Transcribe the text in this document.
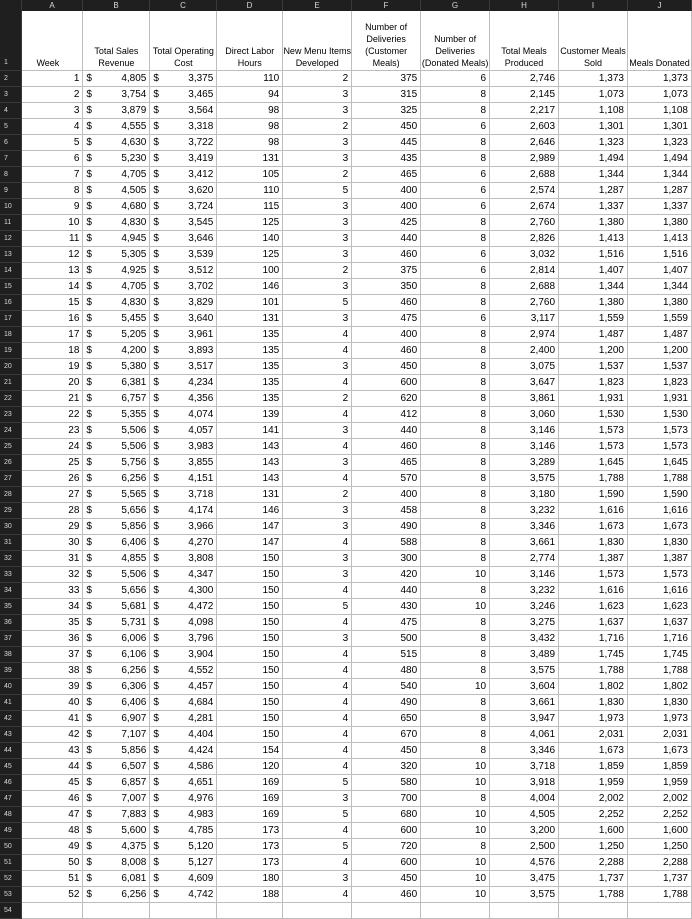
A	B	C	D	E	F	G	H	I	J
1	Week	Total Sales Revenue	Total Operating Cost	Direct Labor Hours	New Menu Items Developed	Number of Deliveries (Customer Meals)	Number of Deliveries (Donated Meals)	Total Meals Produced	Customer Meals Sold	Meals Donated
2	1	$ 4,805	$ 3,375	110	2	375	6	2,746	1,373	1,373
3	2	$ 3,754	$ 3,465	94	3	315	8	2,145	1,073	1,073
4	3	$ 3,879	$ 3,564	98	3	325	8	2,217	1,108	1,108
5	4	$ 4,555	$ 3,318	98	2	450	6	2,603	1,301	1,301
6	5	$ 4,630	$ 3,722	98	3	445	8	2,646	1,323	1,323
7	6	$ 5,230	$ 3,419	131	3	435	8	2,989	1,494	1,494
8	7	$ 4,705	$ 3,412	105	2	465	6	2,688	1,344	1,344
9	8	$ 4,505	$ 3,620	110	5	400	6	2,574	1,287	1,287
10	9	$ 4,680	$ 3,724	115	3	400	6	2,674	1,337	1,337
11	10	$ 4,830	$ 3,545	125	3	425	8	2,760	1,380	1,380
12	11	$ 4,945	$ 3,646	140	3	440	8	2,826	1,413	1,413
13	12	$ 5,305	$ 3,539	125	3	460	6	3,032	1,516	1,516
14	13	$ 4,925	$ 3,512	100	2	375	6	2,814	1,407	1,407
15	14	$ 4,705	$ 3,702	146	3	350	8	2,688	1,344	1,344
16	15	$ 4,830	$ 3,829	101	5	460	8	2,760	1,380	1,380
17	16	$ 5,455	$ 3,640	131	3	475	6	3,117	1,559	1,559
18	17	$ 5,205	$ 3,961	135	4	400	8	2,974	1,487	1,487
19	18	$ 4,200	$ 3,893	135	4	460	8	2,400	1,200	1,200
20	19	$ 5,380	$ 3,517	135	3	450	8	3,075	1,537	1,537
21	20	$ 6,381	$ 4,234	135	4	600	8	3,647	1,823	1,823
22	21	$ 6,757	$ 4,356	135	2	620	8	3,861	1,931	1,931
23	22	$ 5,355	$ 4,074	139	4	412	8	3,060	1,530	1,530
24	23	$ 5,506	$ 4,057	141	3	440	8	3,146	1,573	1,573
25	24	$ 5,506	$ 3,983	143	4	460	8	3,146	1,573	1,573
26	25	$ 5,756	$ 3,855	143	3	465	8	3,289	1,645	1,645
27	26	$ 6,256	$ 4,151	143	4	570	8	3,575	1,788	1,788
28	27	$ 5,565	$ 3,718	131	2	400	8	3,180	1,590	1,590
29	28	$ 5,656	$ 4,174	146	3	458	8	3,232	1,616	1,616
30	29	$ 5,856	$ 3,966	147	3	490	8	3,346	1,673	1,673
31	30	$ 6,406	$ 4,270	147	4	588	8	3,661	1,830	1,830
32	31	$ 4,855	$ 3,808	150	3	300	8	2,774	1,387	1,387
33	32	$ 5,506	$ 4,347	150	3	420	10	3,146	1,573	1,573
34	33	$ 5,656	$ 4,300	150	4	440	8	3,232	1,616	1,616
35	34	$ 5,681	$ 4,472	150	5	430	10	3,246	1,623	1,623
36	35	$ 5,731	$ 4,098	150	4	475	8	3,275	1,637	1,637
37	36	$ 6,006	$ 3,796	150	3	500	8	3,432	1,716	1,716
38	37	$ 6,106	$ 3,904	150	4	515	8	3,489	1,745	1,745
39	38	$ 6,256	$ 4,552	150	4	480	8	3,575	1,788	1,788
40	39	$ 6,306	$ 4,457	150	4	540	10	3,604	1,802	1,802
41	40	$ 6,406	$ 4,684	150	4	490	8	3,661	1,830	1,830
42	41	$ 6,907	$ 4,281	150	4	650	8	3,947	1,973	1,973
43	42	$ 7,107	$ 4,404	150	4	670	8	4,061	2,031	2,031
44	43	$ 5,856	$ 4,424	154	4	450	8	3,346	1,673	1,673
45	44	$ 6,507	$ 4,586	120	4	320	10	3,718	1,859	1,859
46	45	$ 6,857	$ 4,651	169	5	580	10	3,918	1,959	1,959
47	46	$ 7,007	$ 4,976	169	3	700	8	4,004	2,002	2,002
48	47	$ 7,883	$ 4,983	169	5	680	10	4,505	2,252	2,252
49	48	$ 5,600	$ 4,785	173	4	600	10	3,200	1,600	1,600
50	49	$ 4,375	$ 5,120	173	5	720	8	2,500	1,250	1,250
51	50	$ 8,008	$ 5,127	173	4	600	10	4,576	2,288	2,288
52	51	$ 6,081	$ 4,609	180	3	450	10	3,475	1,737	1,737
53	52	$ 6,256	$ 4,742	188	4	460	10	3,575	1,788	1,788
54										
